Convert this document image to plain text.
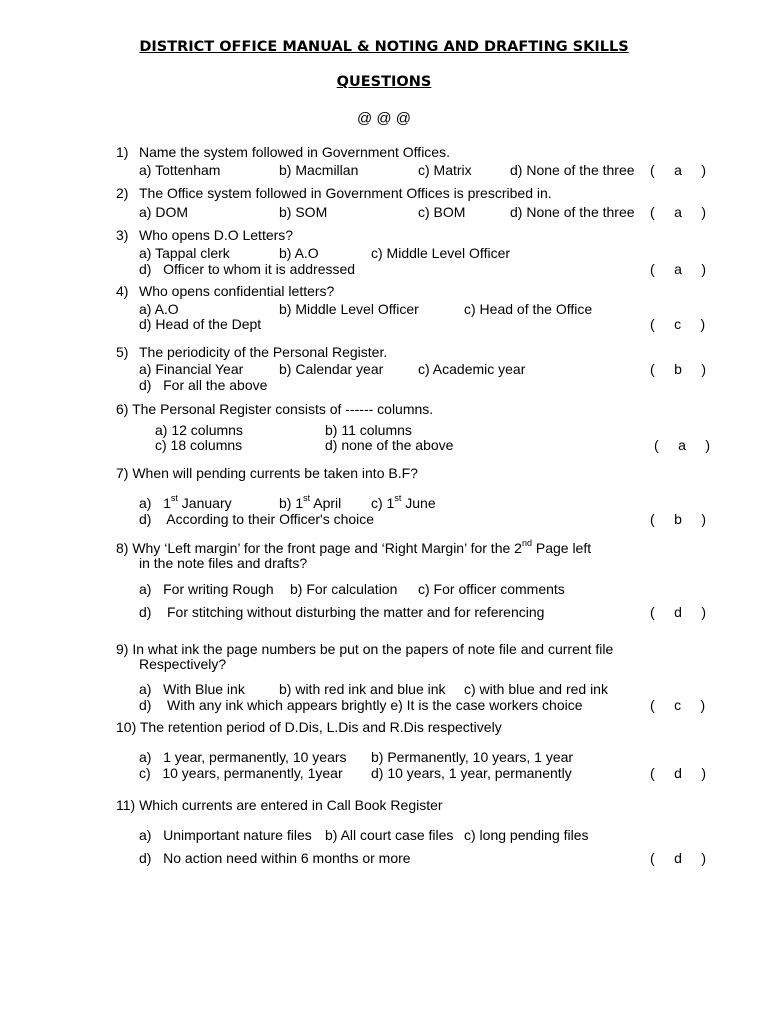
DISTRICT OFFICE MANUAL & NOTING AND DRAFTING SKILLS
QUESTIONS
@ @ @
1) Name the system followed in Government Offices.
a) Tottenham	b) Macmillan	c) Matrix	d) None of the three (     a     )
2) The Office system followed in Government Offices is prescribed in.
a) DOM	b) SOM	c) BOM	d) None of the three (     a     )
3) Who opens D.O Letters?
a) Tappal clerk	b) A.O	c) Middle Level Officer
d)   Officer to whom it is addressed	(     a     )
4) Who opens confidential letters?
a) A.O	b) Middle Level Officer	c) Head of the Office
d) Head of the Dept	(     c     )
5) The periodicity of the Personal Register.
a) Financial Year	b) Calendar year c) Academic year
d)   For all the above
(     b     )
6) The Personal Register consists of ------ columns.
a) 12 columns	b) 11 columns
c) 18 columns	d) none of the above	(     a     )
7) When will pending currents be taken into B.F?
a)   1st January	b) 1st April c) 1st June
d)    According to their Officer's choice	(     b     )
8) Why ‘Left margin’ for the front page and ‘Right Margin’ for the 2nd Page left
in the note files and drafts?
a)   For writing Rough b) For calculation c) For officer comments
d)    For stitching without disturbing the matter and for referencing	(     d     )
9) In what ink the page numbers be put on the papers of note file and current file
Respectively?
a)   With Blue ink b) with red ink and blue ink c) with blue and red ink
d)    With any ink which appears brightly e) It is the case workers choice	(     c     )
10) The retention period of D.Dis, L.Dis and R.Dis respectively
a)   1 year, permanently, 10 years b) Permanently, 10 years, 1 year
c)   10 years, permanently, 1year d) 10 years, 1 year, permanently	(     d     )
11) Which currents are entered in Call Book Register
a)   Unimportant nature files b) All court case files c) long pending files
d)   No action need within 6 months or more	(     d     )
